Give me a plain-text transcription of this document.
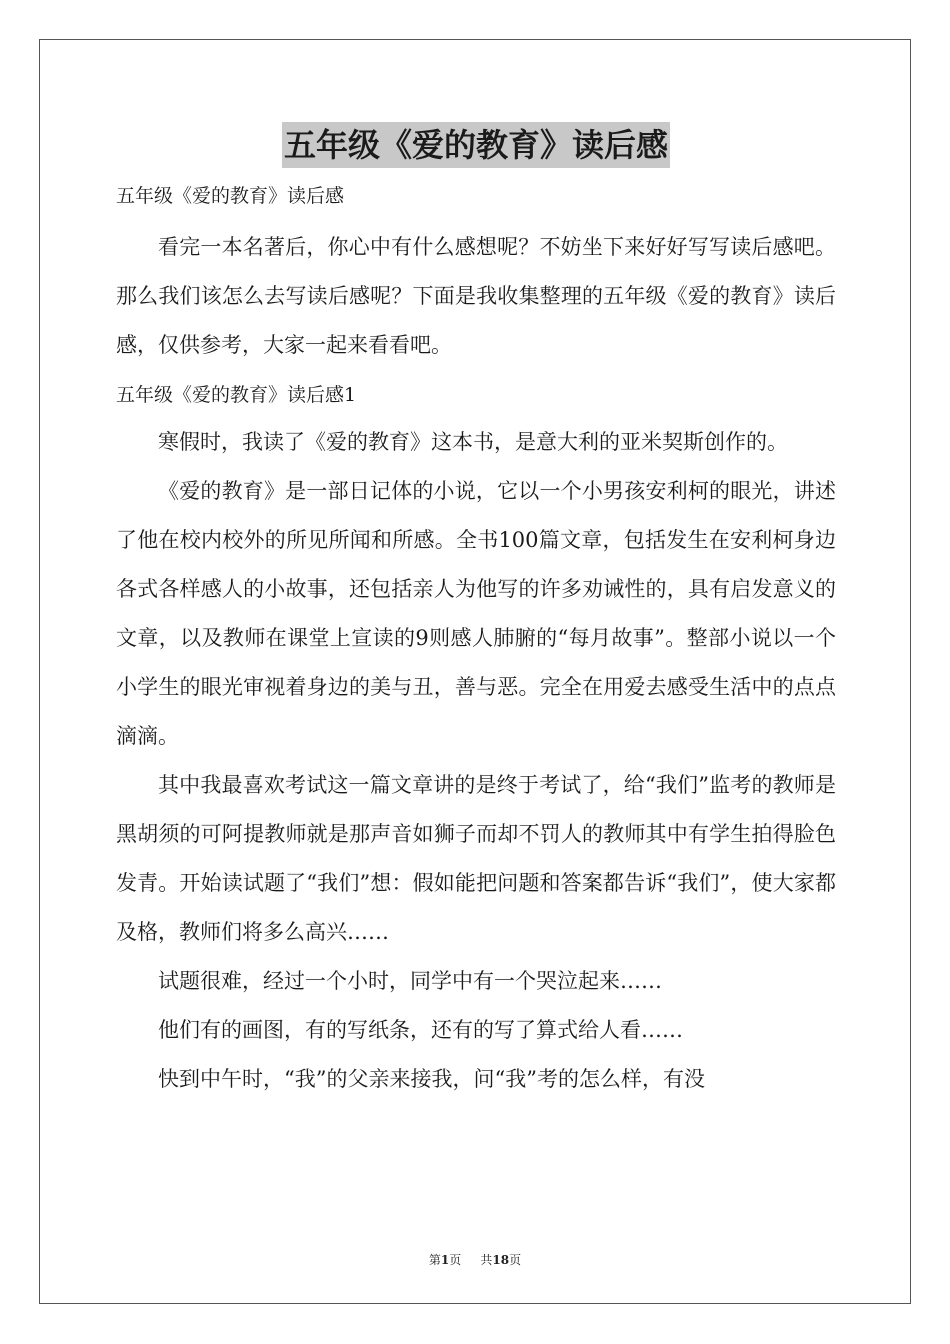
五年级《爱的教育》读后感
五年级《爱的教育》读后感

看完一本名著后，你心中有什么感想呢？不妨坐下来好好写写读后感吧。那么我们该怎么去写读后感呢？下面是我收集整理的五年级《爱的教育》读后感，仅供参考，大家一起来看看吧。

五年级《爱的教育》读后感1

寒假时，我读了《爱的教育》这本书，是意大利的亚米契斯创作的。

《爱的教育》是一部日记体的小说，它以一个小男孩安利柯的眼光，讲述了他在校内校外的所见所闻和所感。全书100篇文章，包括发生在安利柯身边各式各样感人的小故事，还包括亲人为他写的许多劝诫性的，具有启发意义的文章，以及教师在课堂上宣读的9则感人肺腑的“每月故事”。整部小说以一个小学生的眼光审视着身边的美与丑，善与恶。完全在用爱去感受生活中的点点滴滴。

其中我最喜欢考试这一篇文章讲的是终于考试了，给“我们”监考的教师是黑胡须的可阿提教师就是那声音如狮子而却不罚人的教师其中有学生拍得脸色发青。开始读试题了“我们”想：假如能把问题和答案都告诉“我们”，使大家都及格，教师们将多么高兴……

试题很难，经过一个小时，同学中有一个哭泣起来……

他们有的画图，有的写纸条，还有的写了算式给人看……

快到中午时，“我”的父亲来接我，问“我”考的怎么样，有没

第1页 共18页
